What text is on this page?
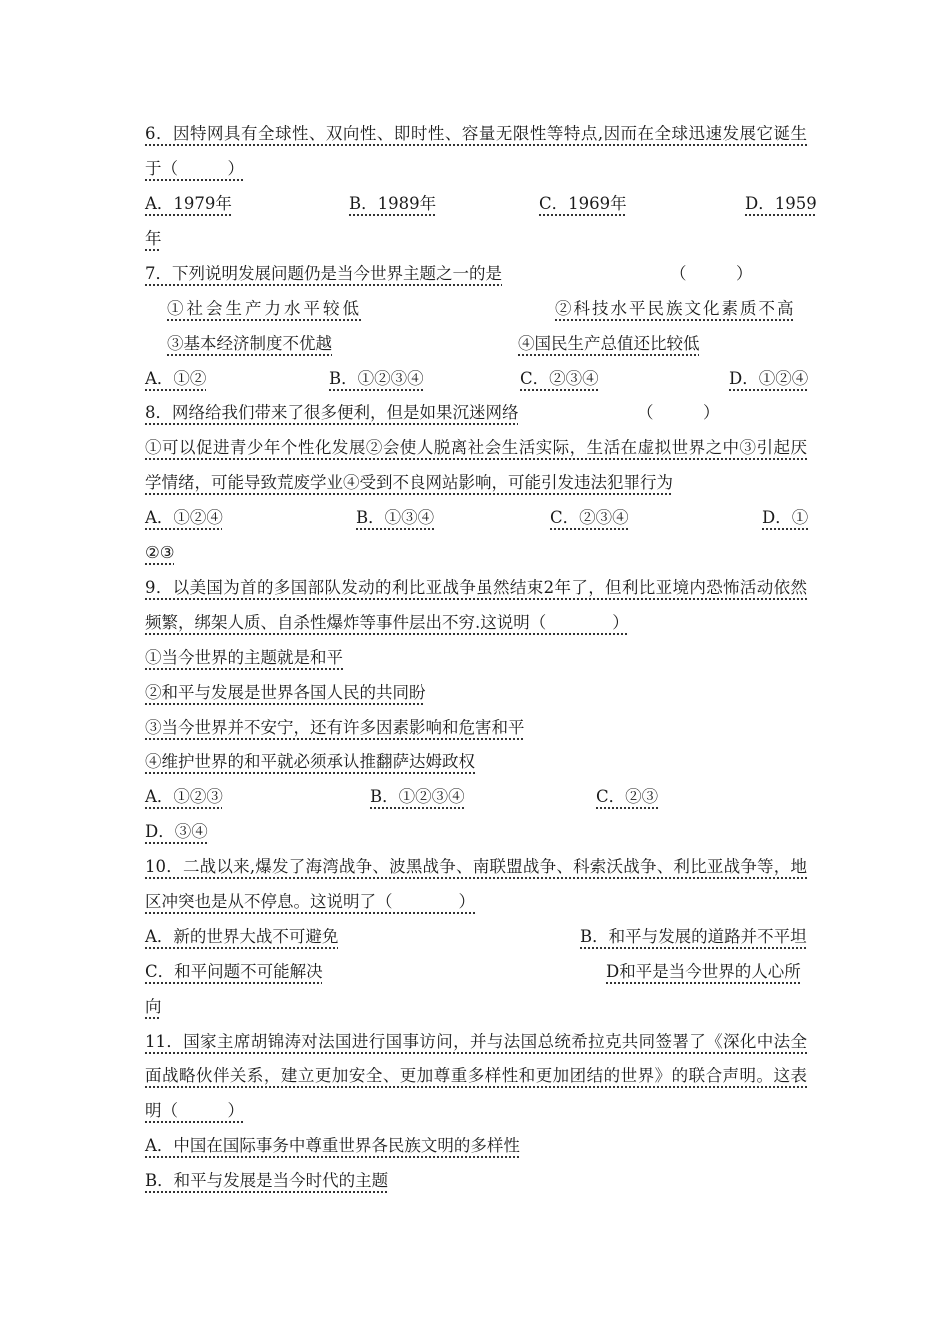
6．因特网具有全球性、双向性、即时性、容量无限性等特点,因而在全球迅速发展它诞生
于（　　　）
A．1979年	B．1989年	C．1969年	D．1959
年
7．下列说明发展问题仍是当今世界主题之一的是	（　　　）
①社会生产力水平较低	②科技水平民族文化素质不高
③基本经济制度不优越	④国民生产总值还比较低
A．①②	B．①②③④	C．②③④	D．①②④
8．网络给我们带来了很多便利，但是如果沉迷网络	（　　　）
①可以促进青少年个性化发展②会使人脱离社会生活实际，生活在虚拟世界之中③引起厌
学情绪，可能导致荒废学业④受到不良网站影响，可能引发违法犯罪行为
A．①②④	B．①③④	C．②③④	D．①
②③
9．以美国为首的多国部队发动的利比亚战争虽然结束2年了，但利比亚境内恐怖活动依然
频繁，绑架人质、自杀性爆炸等事件层出不穷.这说明（　　　　）
①当今世界的主题就是和平
②和平与发展是世界各国人民的共同盼
③当今世界并不安宁，还有许多因素影响和危害和平
④维护世界的和平就必须承认推翻萨达姆政权
A．①②③	B．①②③④	C．②③
D．③④
10．二战以来,爆发了海湾战争、波黑战争、南联盟战争、科索沃战争、利比亚战争等，地
区冲突也是从不停息。这说明了（　　　　）
A．新的世界大战不可避免	B．和平与发展的道路并不平坦
C．和平问题不可能解决	D和平是当今世界的人心所
向
11．国家主席胡锦涛对法国进行国事访问，并与法国总统希拉克共同签署了《深化中法全
面战略伙伴关系，建立更加安全、更加尊重多样性和更加团结的世界》的联合声明。这表
明（　　　）
A．中国在国际事务中尊重世界各民族文明的多样性
B．和平与发展是当今时代的主题
